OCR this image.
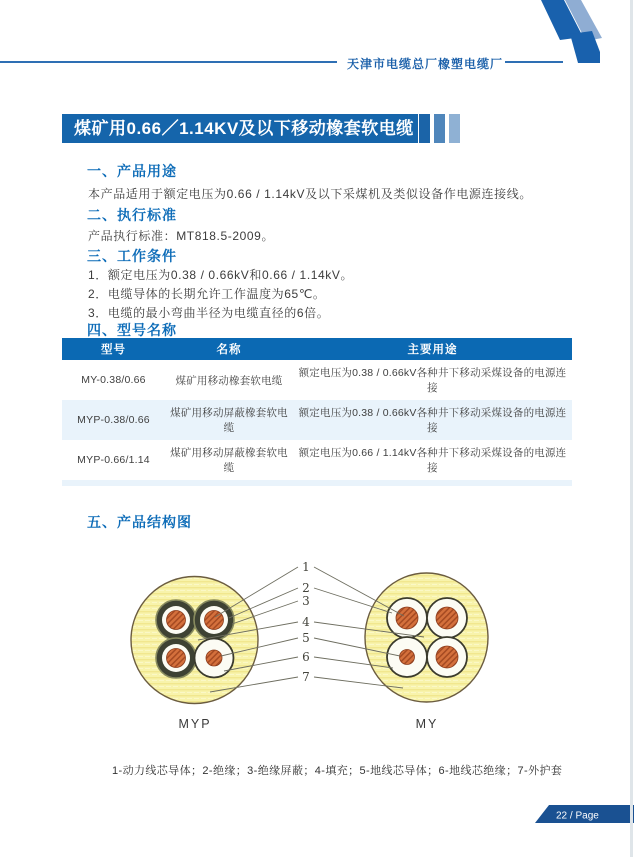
天津市电缆总厂橡塑电缆厂
煤矿用0.66／1.14KV及以下移动橡套软电缆
一、产品用途
本产品适用于额定电压为0.66 / 1.14kV及以下采煤机及类似设备作电源连接线。
二、执行标准
产品执行标准：MT818.5-2009。
三、工作条件
1．额定电压为0.38 / 0.66kV和0.66 / 1.14kV。
2．电缆导体的长期允许工作温度为65℃。
3．电缆的最小弯曲半径为电缆直径的6倍。
四、型号名称
型号	名称	主要用途
MY-0.38/0.66	煤矿用移动橡套软电缆	额定电压为0.38 / 0.66kV各种井下移动采煤设备的电源连接
MYP-0.38/0.66	煤矿用移动屏蔽橡套软电缆	额定电压为0.38 / 0.66kV各种井下移动采煤设备的电源连接
MYP-0.66/1.14	煤矿用移动屏蔽橡套软电缆	额定电压为0.66 / 1.14kV各种井下移动采煤设备的电源连接
五、产品结构图
1
2
3
4
5
6
7
MYP	MY
1-动力线芯导体；2-绝缘；3-绝缘屏蔽；4-填充；5-地线芯导体；6-地线芯绝缘；7-外护套
22 / Page
